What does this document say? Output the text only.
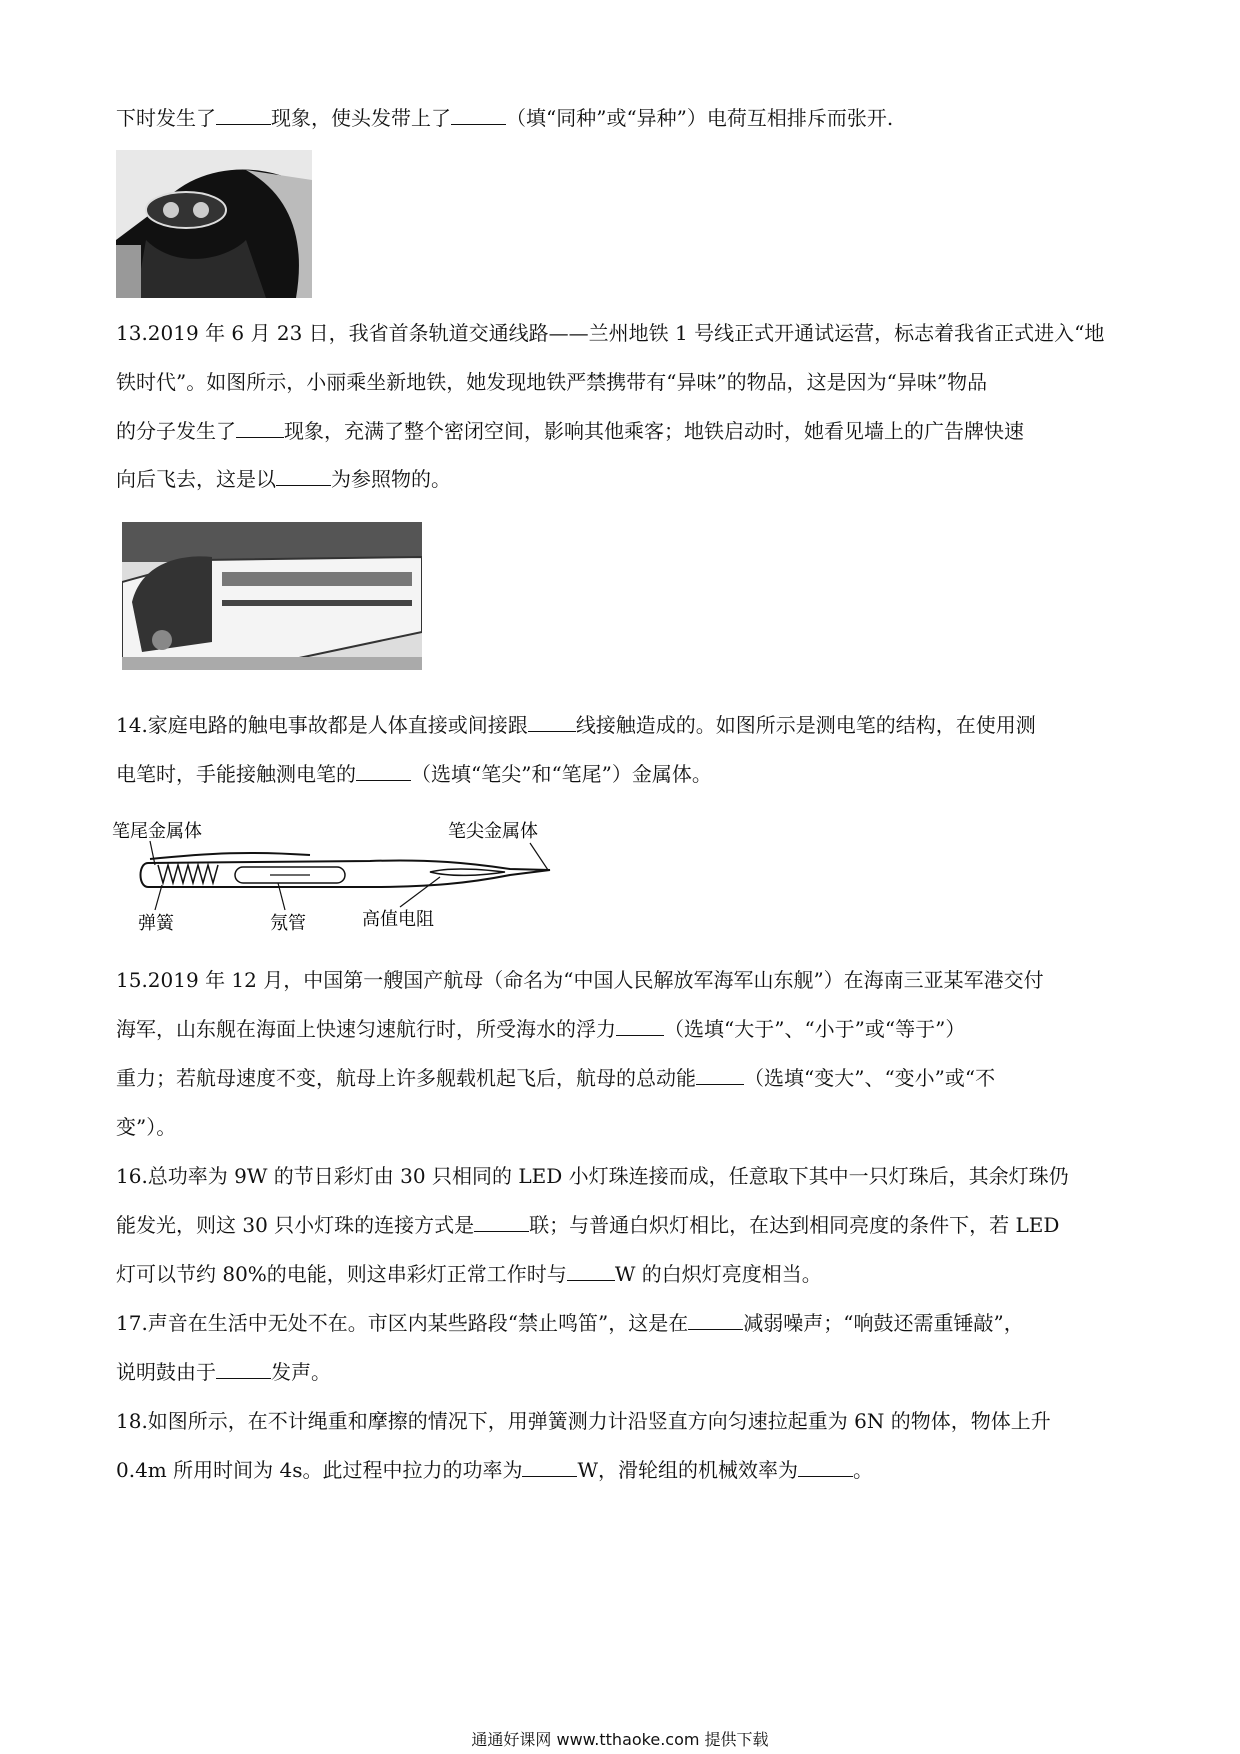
下时发生了	现象，使头发带上了	（填“同种”或“异种”）电荷互相排斥而张开.
13.2019 年 6 月 23 日，我省首条轨道交通线路——兰州地铁 1 号线正式开通试运营，标志着我省正式进入“地
铁时代”。如图所示，小丽乘坐新地铁，她发现地铁严禁携带有“异味”的物品，这是因为“异味”物品
的分子发生了 现象，充满了整个密闭空间，影响其他乘客；地铁启动时，她看见墙上的广告牌快速
向后飞去，这是以	为参照物的。
14.家庭电路的触电事故都是人体直接或间接跟 线接触造成的。如图所示是测电笔的结构，在使用测
电笔时，手能接触测电笔的	（选填“笔尖”和“笔尾”）金属体。
笔尾金属体	笔尖金属体
弹簧	氖管	高值电阻
15.2019 年 12 月，中国第一艘国产航母（命名为“中国人民解放军海军山东舰”）在海南三亚某军港交付
海军，山东舰在海面上快速匀速航行时，所受海水的浮力 （选填“大于”、“小于”或“等于”）
重力；若航母速度不变，航母上许多舰载机起飞后，航母的总动能 （选填“变大”、“变小”或“不
变”）。
16.总功率为 9W 的节日彩灯由 30 只相同的 LED 小灯珠连接而成，任意取下其中一只灯珠后，其余灯珠仍
能发光，则这 30 只小灯珠的连接方式是	联；与普通白炽灯相比，在达到相同亮度的条件下，若 LED
灯可以节约 80%的电能，则这串彩灯正常工作时与 W 的白炽灯亮度相当。
17.声音在生活中无处不在。市区内某些路段“禁止鸣笛”，这是在	减弱噪声；“响鼓还需重锤敲”，
说明鼓由于	发声。
18.如图所示，在不计绳重和摩擦的情况下，用弹簧测力计沿竖直方向匀速拉起重为 6N 的物体，物体上升
0.4m 所用时间为 4s。此过程中拉力的功率为	W，滑轮组的机械效率为	。
通通好课网 www.tthaoke.com 提供下载
